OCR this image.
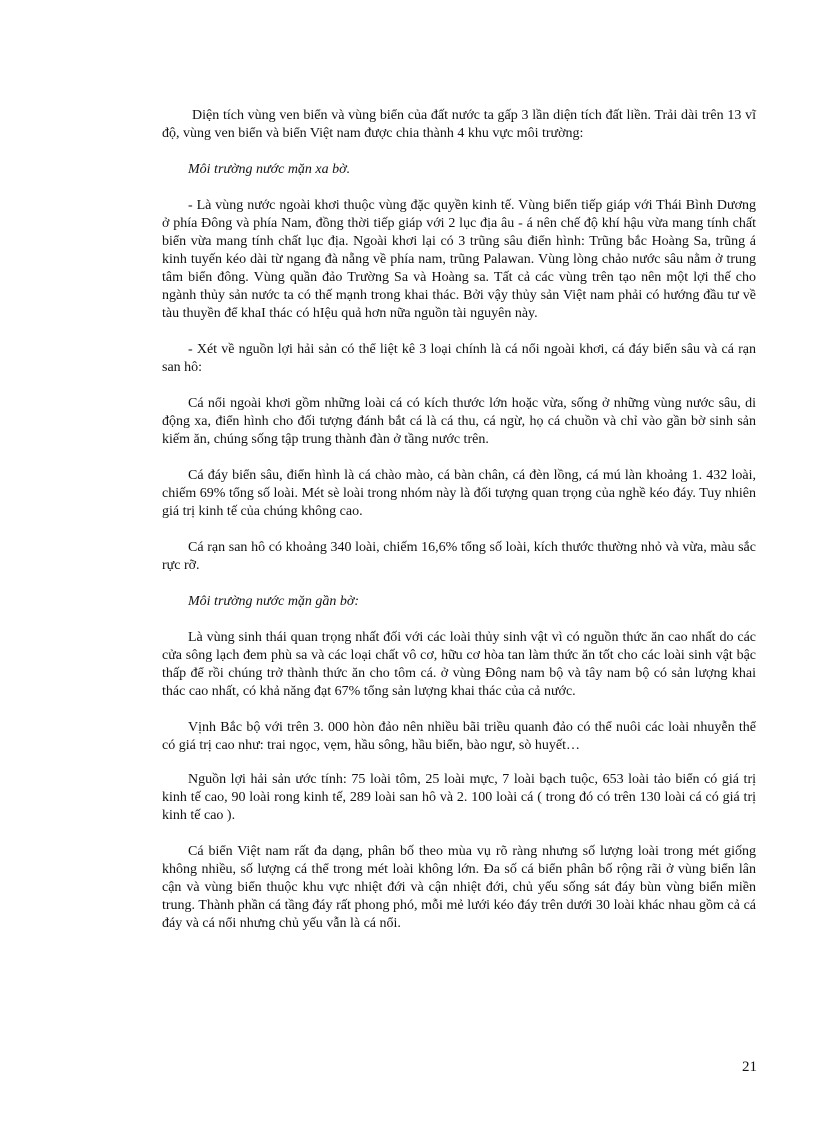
Diện tích vùng ven biển và vùng biển của đất nước ta gấp 3 lần diện tích đất liền. Trải dài trên 13 vĩ độ, vùng ven biển và biển Việt nam được chia thành 4 khu vực môi trường:

Môi trường nước mặn xa bờ.

- Là vùng nước ngoài khơi thuộc vùng đặc quyền kinh tế. Vùng biển tiếp giáp với Thái Bình Dương ở phía Đông và phía Nam, đồng thời tiếp giáp với 2 lục địa âu - á nên chế độ khí hậu vừa mang tính chất biển vừa mang tính chất lục địa. Ngoài khơi lại có 3 trũng sâu điển hình: Trũng bắc Hoàng Sa, trũng á kinh tuyến kéo dài từ ngang đà nẵng về phía nam, trũng Palawan. Vùng lòng chảo nước sâu nằm ở trung tâm biển đông. Vùng quần đảo Trường Sa và Hoàng sa. Tất cả các vùng trên tạo nên một lợi thế cho ngành thủy sản nước ta có thế mạnh trong khai thác. Bởi vậy thủy sản Việt nam phải có hướng đầu tư về tàu thuyền để khaI thác có hIệu quả hơn nữa nguồn tài nguyên này.

- Xét về nguồn lợi hải sản có thể liệt kê 3 loại chính là cá nổi ngoài khơi, cá đáy biển sâu và cá rạn san hô:

Cá nổi ngoài khơi gồm những loài cá có kích thước lớn hoặc vừa, sống ở những vùng nước sâu, di động xa, điển hình cho đối tượng đánh bắt cá là cá thu, cá ngừ, họ cá chuồn và chỉ vào gần bờ sinh sản kiếm ăn, chúng sống tập trung thành đàn ở tầng nước trên.

Cá đáy biển sâu, điển hình là cá chào mào, cá bàn chân, cá đèn lồng, cá mú làn khoảng 1. 432 loài, chiếm 69% tổng số loài. Mét sè loài trong nhóm này là đối tượng quan trọng của nghề kéo đáy. Tuy nhiên giá trị kinh tế của chúng không cao.

Cá rạn san hô có khoảng 340 loài, chiếm 16,6% tổng số loài, kích thước thường nhỏ và vừa, màu sắc rực rỡ.

Môi trường nước mặn gần bờ:

Là vùng sinh thái quan trọng nhất đối với các loài thủy sinh vật vì có nguồn thức ăn cao nhất do các cửa sông lạch đem phù sa và các loại chất vô cơ, hữu cơ hòa tan làm thức ăn tốt cho các loài sinh vật bậc thấp để rồi chúng trở thành thức ăn cho tôm cá. ở vùng Đông nam bộ và tây nam bộ có sản lượng khai thác cao nhất, có khả năng đạt 67% tổng sản lượng khai thác của cả nước.

Vịnh Bắc bộ với trên 3. 000 hòn đảo nên nhiều bãi triều quanh đảo có thể nuôi các loài nhuyễn thể có giá trị cao như: trai ngọc, vẹm, hầu sông, hầu biển, bào ngư, sò huyết…

Nguồn lợi hải sản ước tính: 75 loài tôm, 25 loài mực, 7 loài bạch tuộc, 653 loài tảo biển có giá trị kinh tế cao, 90 loài rong kinh tế, 289 loài san hô và 2. 100 loài cá ( trong đó có trên 130 loài cá có giá trị kinh tế cao ).

Cá biển Việt nam rất đa dạng, phân bố theo mùa vụ rõ ràng nhưng số lượng loài trong mét giống không nhiều, số lượng cá thể trong mét loài không lớn. Đa số cá biển phân bố rộng rãi ở vùng biển lân cận và vùng biển thuộc khu vực nhiệt đới và cận nhiệt đới, chủ yếu sống sát đáy bùn vùng biển miền trung. Thành phần cá tầng đáy rất phong phó, mỗi mẻ lưới kéo đáy trên dưới 30 loài khác nhau gồm cả cá đáy và cá nổi nhưng chủ yếu vẫn là cá nổi.

21
